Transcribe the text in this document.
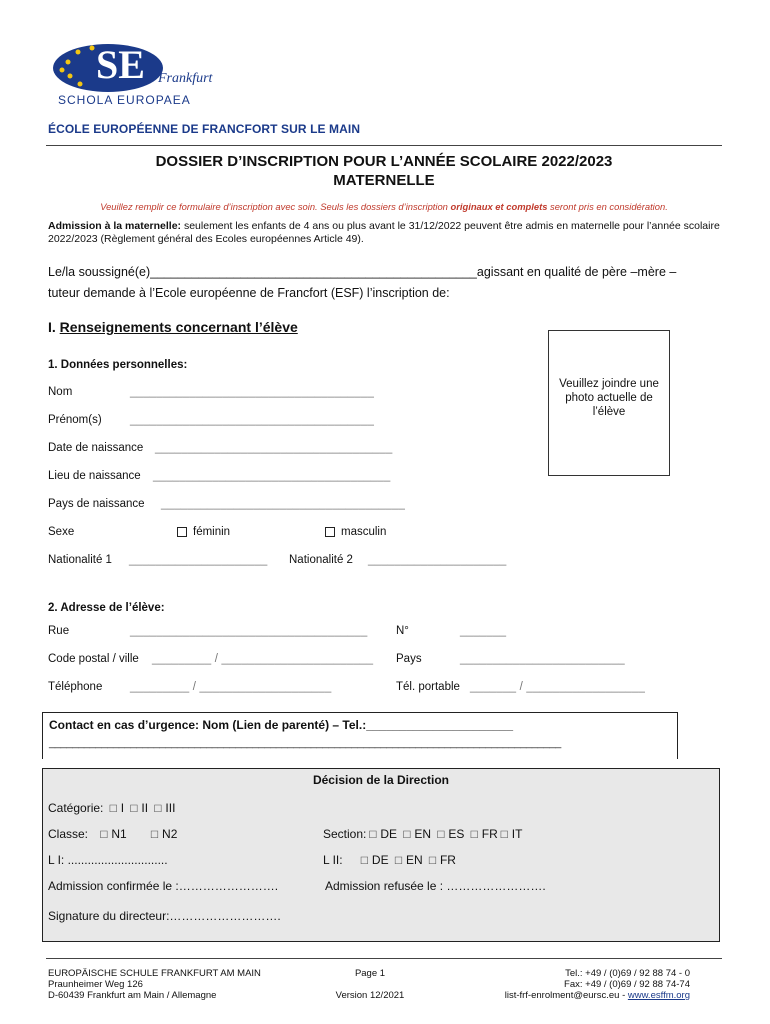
SE Frankfurt
SCHOLA EUROPAEA
ÉCOLE EUROPÉENNE DE FRANCFORT SUR LE MAIN
DOSSIER D’INSCRIPTION POUR L’ANNÉE SCOLAIRE 2022/2023
MATERNELLE
Veuillez remplir ce formulaire d’inscription avec soin. Seuls les dossiers d’inscription originaux et complets seront pris en considération.
Admission à la maternelle: seulement les enfants de 4 ans ou plus avant le 31/12/2022 peuvent être admis en maternelle pour l’année scolaire 2022/2023 (Règlement général des Ecoles européennes Article 49).
Le/la soussigné(e)_______________________________________________agissant en qualité de père –mère –
tuteur demande à l’Ecole européenne de Francfort (ESF) l’inscription de:
I. Renseignements concernant l’élève
Veuillez joindre une photo actuelle de l’élève
1. Données personnelles:
Nom	_____________________________________
Prénom(s) _____________________________________
Date de naissance ____________________________________
Lieu de naissance ____________________________________
Pays de naissance _____________________________________
Sexe	féminin	masculin
Nationalité 1 _____________________ Nationalité 2 _____________________
2. Adresse de l’élève:
Rue	____________________________________ N°	_______
Code postal / ville _________ / _______________________ Pays	_________________________
Téléphone _________ / ____________________	Tél. portable _______ / __________________
Contact en cas d’urgence: Nom (Lien de parenté) – Tel.:______________________
________________________________________________________________________________________
Décision de la Direction
Catégorie: ☐ I ☐ II ☐ III
Classe: ☐ N1 ☐ N2	Section: ☐ DE ☐ EN ☐ ES ☐ FR ☐ IT
L I: ..............................	L II: ☐ DE ☐ EN ☐ FR
Admission confirmée le :…………………….	Admission refusée le : …………………….
Signature du directeur:……………………….
EUROPÄISCHE SCHULE FRANKFURT AM MAIN
Praunheimer Weg 126
D-60439 Frankfurt am Main / Allemagne
Page 1
Version 12/2021
Tel.: +49 / (0)69 / 92 88 74 - 0
Fax: +49 / (0)69 / 92 88 74-74
list-frf-enrolment@eursc.eu - www.esffm.org
